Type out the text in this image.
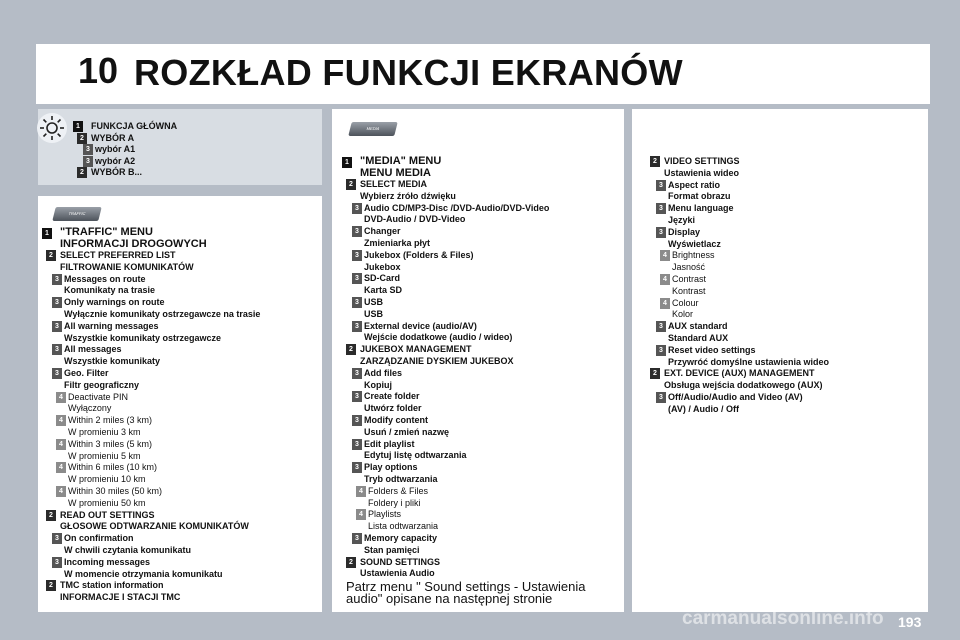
10 ROZKŁAD FUNKCJI EKRANÓW
1	FUNKCJA GŁÓWNA
2 WYBÓR A
3 wybór A1
3 wybór A2
2 WYBÓR B...
TRAFFIC
1 "TRAFFIC" MENU
INFORMACJI DROGOWYCH
2 SELECT PREFERRED LIST
FILTROWANIE KOMUNIKATÓW
3 Messages on route
Komunikaty na trasie
3 Only warnings on route
Wyłącznie komunikaty ostrzegawcze na trasie
3 All warning messages
Wszystkie komunikaty ostrzegawcze
3 All messages
Wszystkie komunikaty
3 Geo. Filter
Filtr geograficzny
4 Deactivate PIN
Wyłączony
4 Within 2 miles (3 km)
W promieniu 3 km
4 Within 3 miles (5 km)
W promieniu 5 km
4 Within 6 miles (10 km)
W promieniu 10 km
4 Within 30 miles (50 km)
W promieniu 50 km
2 READ OUT SETTINGS
GŁOSOWE ODTWARZANIE KOMUNIKATÓW
3 On confirmation
W chwili czytania komunikatu
3 Incoming messages
W momencie otrzymania komunikatu
2 TMC station information
INFORMACJE I STACJI TMC
MEDIA
1 "MEDIA" MENU
MENU MEDIA
2 SELECT MEDIA
Wybierz źróło dźwięku
3 Audio CD/MP3-Disc /DVD-Audio/DVD-Video
DVD-Audio / DVD-Video
3 Changer
Zmieniarka płyt
3 Jukebox (Folders & Files)
Jukebox
3 SD-Card
Karta SD
3 USB
USB
3 External device (audio/AV)
Wejście dodatkowe (audio / wideo)
2 JUKEBOX MANAGEMENT
ZARZĄDZANIE DYSKIEM JUKEBOX
3 Add files
Kopiuj
3 Create folder
Utwórz folder
3 Modify content
Usuń / zmień nazwę
3 Edit playlist
Edytuj listę odtwarzania
3 Play options
Tryb odtwarzania
4 Folders & Files
Foldery i pliki
4 Playlists
Lista odtwarzania
3 Memory capacity
Stan pamięci
2 SOUND SETTINGS
Ustawienia Audio
Patrz menu " Sound settings - Ustawienia
audio" opisane na następnej stronie
2 VIDEO SETTINGS
Ustawienia wideo
3 Aspect ratio
Format obrazu
3 Menu language
Języki
3 Display
Wyświetlacz
4 Brightness
Jasność
4 Contrast
Kontrast
4 Colour
Kolor
3 AUX standard
Standard AUX
3 Reset video settings
Przywróć domyślne ustawienia wideo
2 EXT. DEVICE (AUX) MANAGEMENT
Obsługa wejścia dodatkowego (AUX)
3 Off/Audio/Audio and Video (AV)
(AV) / Audio / Off
carmanualsonline.info 193
